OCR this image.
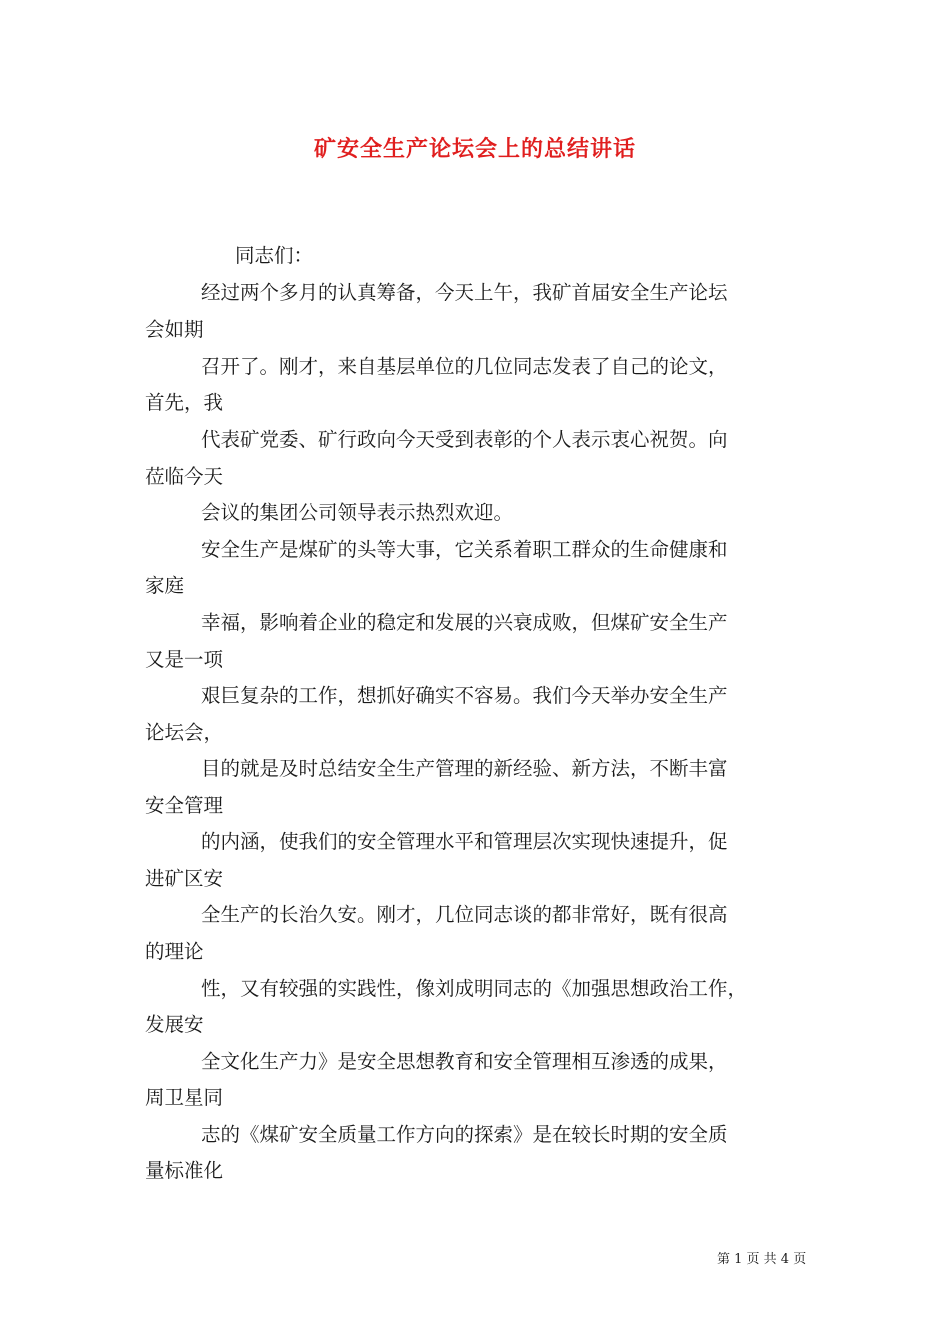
矿安全生产论坛会上的总结讲话
同志们：
经过两个多月的认真筹备，今天上午，我矿首届安全生产论坛
会如期
召开了。刚才，来自基层单位的几位同志发表了自己的论文，
首先，我
代表矿党委、矿行政向今天受到表彰的个人表示衷心祝贺。向
莅临今天
会议的集团公司领导表示热烈欢迎。
安全生产是煤矿的头等大事，它关系着职工群众的生命健康和
家庭
幸福，影响着企业的稳定和发展的兴衰成败，但煤矿安全生产
又是一项
艰巨复杂的工作，想抓好确实不容易。我们今天举办安全生产
论坛会，
目的就是及时总结安全生产管理的新经验、新方法，不断丰富
安全管理
的内涵，使我们的安全管理水平和管理层次实现快速提升，促
进矿区安
全生产的长治久安。刚才，几位同志谈的都非常好，既有很高
的理论
性，又有较强的实践性，像刘成明同志的《加强思想政治工作，
发展安
全文化生产力》是安全思想教育和安全管理相互渗透的成果，
周卫星同
志的《煤矿安全质量工作方向的探索》是在较长时期的安全质
量标准化
第 1 页 共 4 页
